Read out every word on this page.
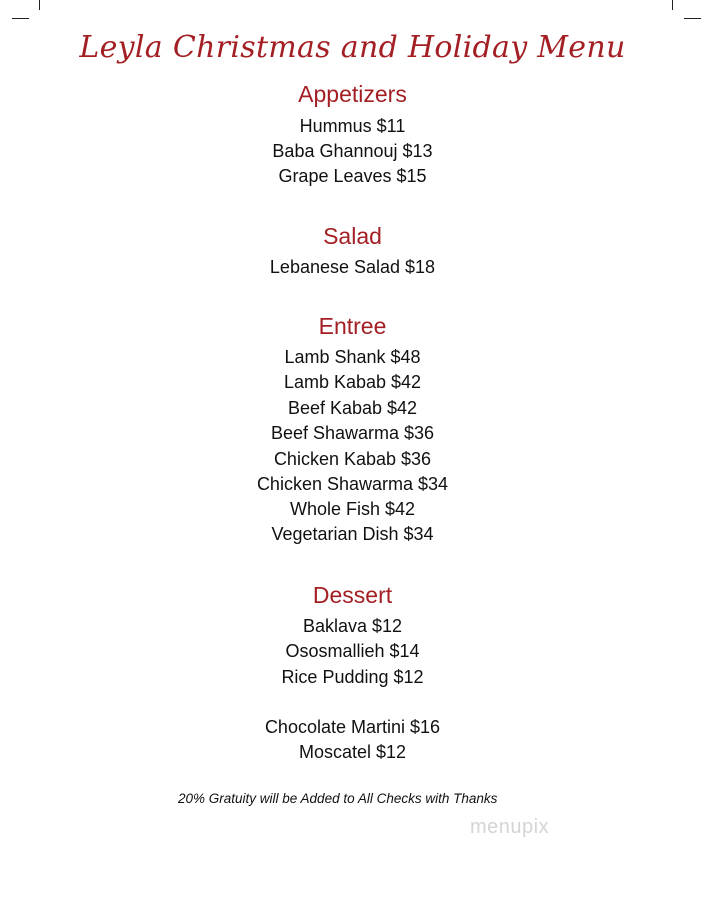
Leyla Christmas and Holiday Menu
Appetizers
Hummus $11
Baba Ghannouj $13
Grape Leaves $15
Salad
Lebanese Salad $18
Entree
Lamb Shank $48
Lamb Kabab $42
Beef Kabab $42
Beef Shawarma $36
Chicken Kabab $36
Chicken Shawarma $34
Whole Fish $42
Vegetarian Dish $34
Dessert
Baklava $12
Ososmallieh $14
Rice Pudding $12
Chocolate Martini $16
Moscatel $12
20% Gratuity will be Added to All Checks with Thanks
menupix
